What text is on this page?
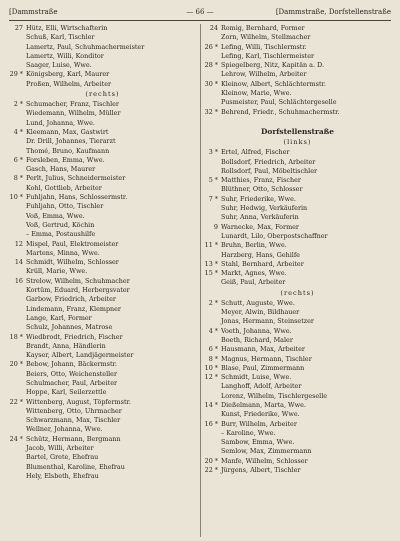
[Dammstraße	— 66 —	[Dammstraße, Dorfstellenstraße
27 Hütz, Elli, Wirtschafterin
Schuß, Karl, Tischler
Lamertz, Paul, Schuhmachermeister
Lamertz, Willi, Konditor
Saager, Luise, Wwe.
29 * Königsberg, Karl, Maurer
Proßen, Wilhelm, Arbeiter
(rechts)
2 * Schumacher, Franz, Tischler
Wiedemann, Wilhelm, Müller
Lund, Johanna, Wwe.
4 * Kleemann, Max, Gastwirt
Dr. Drill, Johannes, Tierarzt
Thomé, Bruno, Kaufmann
6 * Forsleben, Emma, Wwe.
Gasch, Hans, Maurer
8 * Perlt, Julius, Schneidermeister
Kohl, Gottlieb, Arbeiter
10 * Fuhljahn, Hans, Schlossermstr.
Fuhljahn, Otto, Tischler
Voß, Emma, Wwe.
Voß, Gertrud, Köchin
– Emma, Postaushilfe
12 Mispel, Paul, Elektromeister
Martens, Minna, Wwe.
14 Schmidt, Wilhelm, Schlosser
Krüll, Marie, Wwe.
16 Strelow, Wilhelm, Schuhmacher
Kortüm, Eduard, Herbergsvater
Garbow, Friedrich, Arbeiter
Lindemann, Franz, Klempner
Lange, Karl, Former
Schulz, Johannes, Matrose
18 * Wiedbrodt, Friedrich, Fischer
Brandt, Anna, Händlerin
Kayser, Albert, Landjägermeister
20 * Bebow, Johann, Bäckermstr.
Beiers, Otto, Weichensteller
Schulmacher, Paul, Arbeiter
Hoppe, Karl, Seilerzettle
22 * Wittenberg, August, Töpfermstr.
Wittenberg, Otto, Uhrmacher
Schwarzmann, Max, Tischler
Wellner, Johanna, Wwe.
24 * Schütz, Hermann, Bergmann
Jacob, Willi, Arbeiter
Bartel, Grete, Ehefrau
Blumenthal, Karoline, Ehefrau
Hely, Elsbeth, Ehefrau
24 Romig, Bernhard, Former
Zorn, Wilhelm, Stellmacher
26 * Lefing, Willi, Tischlermstr.
Lefing, Karl, Tischlermeister
28 * Spiegelberg, Nitz, Kapitän a. D.
Lehrow, Wilhelm, Arbeiter
30 * Kleinow, Albert, Schlächtermstr.
Kleinow, Marie, Wwe.
Pusmeister, Paul, Schlächtergeselle
32 * Behrend, Friedr., Schuhmachermstr.
Dorfstellenstraße
(links)
3 * Ertel, Alfred, Fischer
Bollsdorf, Friedrich, Arbeiter
Rollsdorf, Paul, Möbeltischler
5 * Matthies, Franz, Fischer
Blüthner, Otto, Schlosser
7 * Suhr, Friederike, Wwe.
Suhr, Hedwig, Verkäuferin
Suhr, Anna, Verkäuferin
9 Warnecke, Max, Former
Lunardt, Lilo, Oberpostschaffner
11 * Bruhn, Berlin, Wwe.
Harzberg, Hans, Gehilfe
13 * Stahl, Bernhard, Arbeiter
15 * Markt, Agnes, Wwe.
Geiß, Paul, Arbeiter
(rechts)
2 * Schutt, Auguste, Wwe.
Meyer, Alwin, Bildhauer
Jonas, Hermann, Steinsetzer
4 * Voeth, Johanna, Wwe.
Boeth, Richard, Maler
6 * Hausmann, Max, Arbeiter
8 * Magnus, Hermann, Tischler
10 * Blase, Paul, Zimmermann
12 * Schmidt, Luise, Wwe.
Langhoff, Adolf, Arbeiter
Lorenz, Wilhelm, Tischlergeselle
14 * Dießelmann, Marta, Wwe.
Kunst, Friederike, Wwe.
16 * Burr, Wilhelm, Arbeiter
– Karoline, Wwe.
Sambow, Emma, Wwe.
Semlow, Max, Zimmermann
20 * Manfe, Wilhelm, Schlosser
22 * Jürgens, Albert, Tischler
